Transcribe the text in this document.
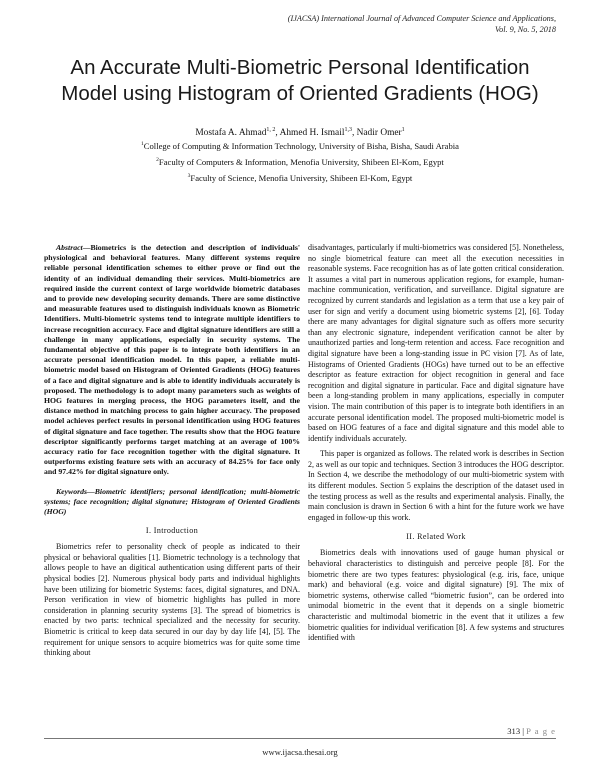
(IJACSA) International Journal of Advanced Computer Science and Applications,
Vol. 9, No. 5, 2018
An Accurate Multi-Biometric Personal Identification
Model using Histogram of Oriented Gradients (HOG)
Mostafa A. Ahmad$^{1, 2}$, Ahmed H. Ismail$^{1,3}$, Nadir Omer$^1$
$^1$College of Computing & Information Technology, University of Bisha, Bisha, Saudi Arabia
$^2$Faculty of Computers & Information, Menofia University, Shibeen El-Kom, Egypt
$^3$Faculty of Science, Menofia University, Shibeen El-Kom, Egypt

Abstract—Biometrics is the detection and description of individuals' physiological and behavioral features. Many different systems require reliable personal identification schemes to either prove or find out the identity of an individual demanding their services. Multi-biometrics are required inside the current context of large worldwide biometric databases and to provide new developing security demands. There are some distinctive and measurable features used to distinguish individuals known as Biometric Identifiers. Multi-biometric systems tend to integrate multiple identifiers to increase recognition accuracy. Face and digital signature identifiers are still a challenge in many applications, especially in security systems. The fundamental objective of this paper is to integrate both identifiers in an accurate personal identification model. In this paper, a reliable multi-biometric model based on Histogram of Oriented Gradients (HOG) features of a face and digital signature and is able to identify individuals accurately is proposed. The methodology is to adopt many parameters such as weights of HOG features in merging process, the HOG parameters itself, and the distance method in matching process to gain higher accuracy. The proposed model achieves perfect results in personal identification using HOG features of digital signature and face together. The results show that the HOG feature descriptor significantly performs target matching at an average of 100% accuracy ratio for face recognition together with the digital signature. It outperforms existing feature sets with an accuracy of 84.25% for face only and 97.42% for digital signature only.

Keywords—Biometric identifiers; personal identification; multi-biometric systems; face recognition; digital signature; Histogram of Oriented Gradients (HOG)

I. Introduction

Biometrics refer to personality check of people as indicated to their physical or behavioral qualities [1]. Biometric technology is a technology that allows people to have an digitical authentication using different parts of their physical bodies [2]. Numerous physical body parts and individual highlights have been utilizing for biometric Systems: faces, digital signatures, and DNA. Person verification in view of biometric highlights has pulled in more consideration in planning security systems [3]. The spread of biometrics is enacted by two parts: technical specialized and the necessity for security. Biometric is critical to keep data secured in our day by day life [4], [5]. The requirement for unique sensors to acquire biometrics was for quite some time thinking about

disadvantages, particularly if multi-biometrics was considered [5]. Nonetheless, no single biometrical feature can meet all the execution necessities in reasonable systems. Face recognition has as of late gotten critical consideration. It assumes a vital part in numerous application regions, for example, human-machine communication, verification, and surveillance. Digital signature are recognized by current standards and legislation as a term that use a key pair of user for sign and verify a document using biometric systems [2], [6]. Today there are many advantages for digital signature such as offers more security than any electronic signature, independent verification cannot be alter by unauthorized parties and long-term retention and access. Face recognition and digital signature have been a long-standing issue in PC vision [7]. As of late, Histograms of Oriented Gradients (HOGs) have turned out to be an effective descriptor as feature extraction for object recognition in general and face recognition and digital signature in particular. Face and digital signature have been a long-standing problem in many applications, especially in computer vision. The main contribution of this paper is to integrate both identifiers in an accurate personal identification model. The proposed multi-biometric model is based on HOG features of a face and digital signature and this model able to identify individuals accurately.

This paper is organized as follows. The related work is describes in Section 2, as well as our topic and techniques. Section 3 introduces the HOG descriptor. In Section 4, we describe the methodology of our multi-biometric system with its different modules. Section 5 explains the description of the dataset used in the testing process as well as the results and experimental analysis. Finally, the main conclusion is drawn in Section 6 with a hint for the future work we have engaged in follow-up this work.

II. Related Work

Biometrics deals with innovations used of gauge human physical or behavioral characteristics to distinguish and perceive people [8]. For the biometric there are two types features: physiological (e.g. iris, face, unique mark) and behavioral (e.g. voice and digital signature) [9]. The mix of biometric systems, otherwise called “biometric fusion”, can be ordered into unimodal biometric in the event that it depends on a single biometric characteristic and multimodal biometric in the event that it utilizes a few biometric qualities for individual verification [8]. A few systems and structures identified with

313 | P a g e
www.ijacsa.thesai.org
